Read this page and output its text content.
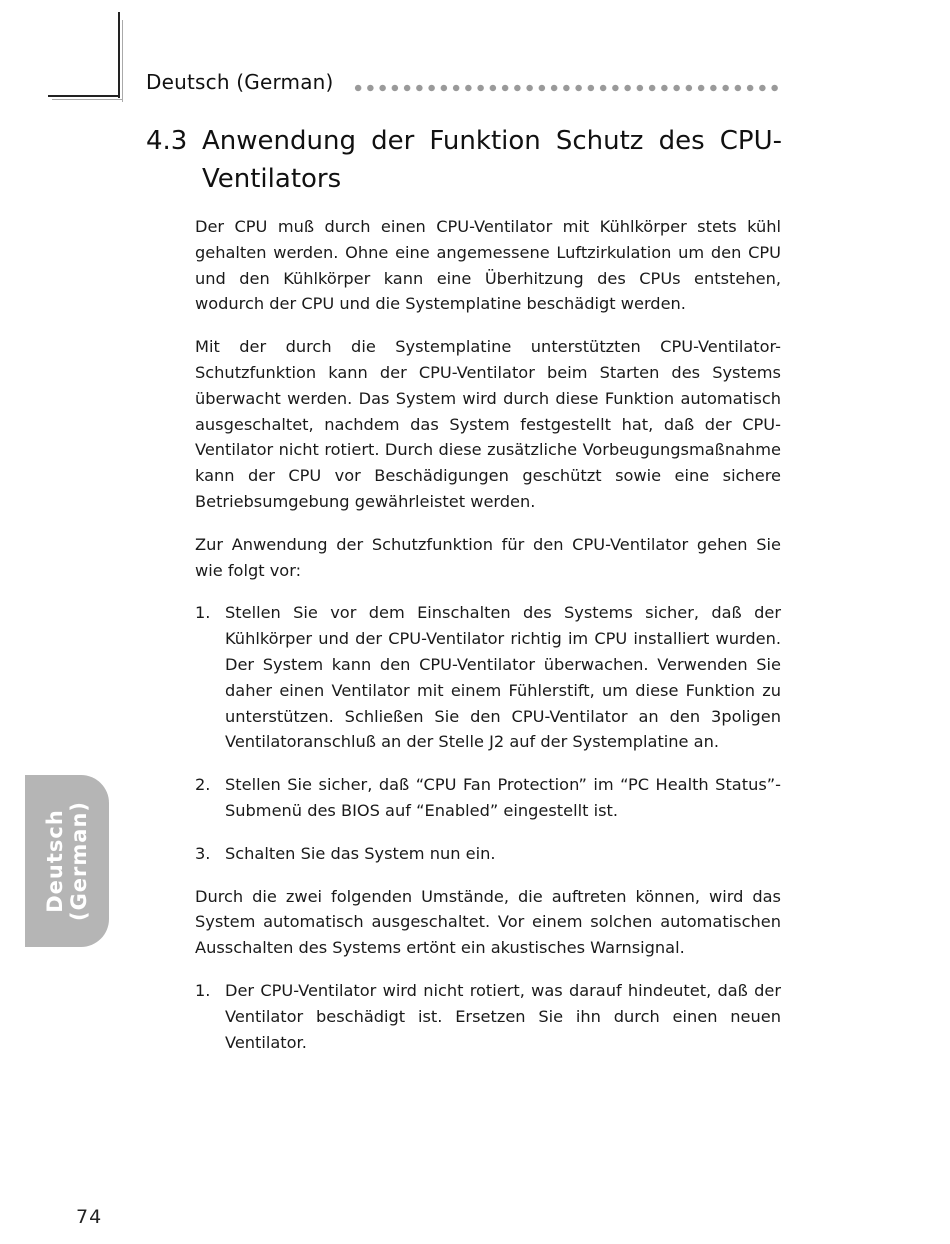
Deutsch (German)
4.3 Anwendung der Funktion Schutz des CPU-Ventilators

Der CPU muß durch einen CPU-Ventilator mit Kühlkörper stets kühl gehalten werden. Ohne eine angemessene Luftzirkulation um den CPU und den Kühlkörper kann eine Überhitzung des CPUs entstehen, wodurch der CPU und die Systemplatine beschädigt werden.

Mit der durch die Systemplatine unterstützten CPU-Ventilator-Schutzfunktion kann der CPU-Ventilator beim Starten des Systems überwacht werden. Das System wird durch diese Funktion automatisch ausgeschaltet, nachdem das System festgestellt hat, daß der CPU-Ventilator nicht rotiert. Durch diese zusätzliche Vorbeugungsmaßnahme kann der CPU vor Beschädigungen geschützt sowie eine sichere Betriebsumgebung gewährleistet werden.

Zur Anwendung der Schutzfunktion für den CPU-Ventilator gehen Sie wie folgt vor:

1. Stellen Sie vor dem Einschalten des Systems sicher, daß der Kühlkörper und der CPU-Ventilator richtig im CPU installiert wurden. Der System kann den CPU-Ventilator überwachen. Verwenden Sie daher einen Ventilator mit einem Fühlerstift, um diese Funktion zu unterstützen. Schließen Sie den CPU-Ventilator an den 3poligen Ventilatoranschluß an der Stelle J2 auf der Systemplatine an.
2. Stellen Sie sicher, daß “CPU Fan Protection” im “PC Health Status”-Submenü des BIOS auf “Enabled” eingestellt ist.
3. Schalten Sie das System nun ein.

Durch die zwei folgenden Umstände, die auftreten können, wird das System automatisch ausgeschaltet. Vor einem solchen automatischen Ausschalten des Systems ertönt ein akustisches Warnsignal.

1. Der CPU-Ventilator wird nicht rotiert, was darauf hindeutet, daß der Ventilator beschädigt ist. Ersetzen Sie ihn durch einen neuen Ventilator.
Deutsch (German)
74
